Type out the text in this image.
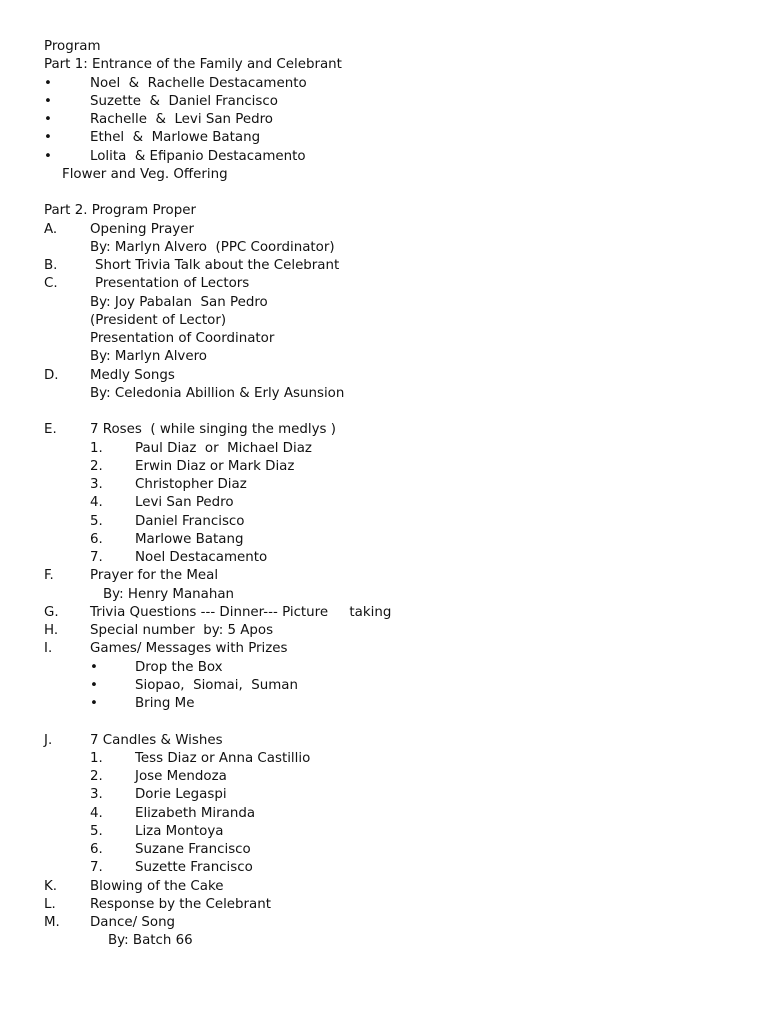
Program

Part 1: Entrance of the Family and Celebrant

•

	Noel  &  Rachelle Destacamento

•

	Suzette  &  Daniel Francisco

•

	Rachelle  &  Levi San Pedro

•

	Ethel  &  Marlowe Batang

•

	Lolita  & Efipanio Destacamento

Flower and Veg. Offering

Part 2. Program Proper

A.

Opening Prayer

By: Marlyn Alvero  (PPC Coordinator)

B.

	Short Trivia Talk about the Celebrant

C.

	Presentation of Lectors

By: Joy Pabalan  San Pedro

(President of Lector)

Presentation of Coordinator

By: Marlyn Alvero

D.

Medly Songs

By: Celedonia Abillion & Erly Asunsion

E.

7 Roses  ( while singing the medlys )

1.

Paul Diaz  or  Michael Diaz

2.

Erwin Diaz or Mark Diaz

3.

Christopher Diaz

4.

Levi San Pedro

5.

Daniel Francisco

6.

Marlowe Batang

7.

Noel Destacamento

F.

	Prayer for the Meal

By: Henry Manahan

G.

Trivia Questions --- Dinner--- Picture     taking

H.

Special number  by: 5 Apos

I.

	Games/ Messages with Prizes

•

	Drop the Box

•

	Siopao,  Siomai,  Suman

•

	Bring Me

J.

	7 Candles & Wishes

1.

Tess Diaz or Anna Castillio

2.

Jose Mendoza

3.

Dorie Legaspi

4.

Elizabeth Miranda

5.

Liza Montoya

6.

Suzane Francisco

7.

Suzette Francisco

K.

Blowing of the Cake

L.

	Response by the Celebrant

M.

Dance/ Song

By: Batch 66
